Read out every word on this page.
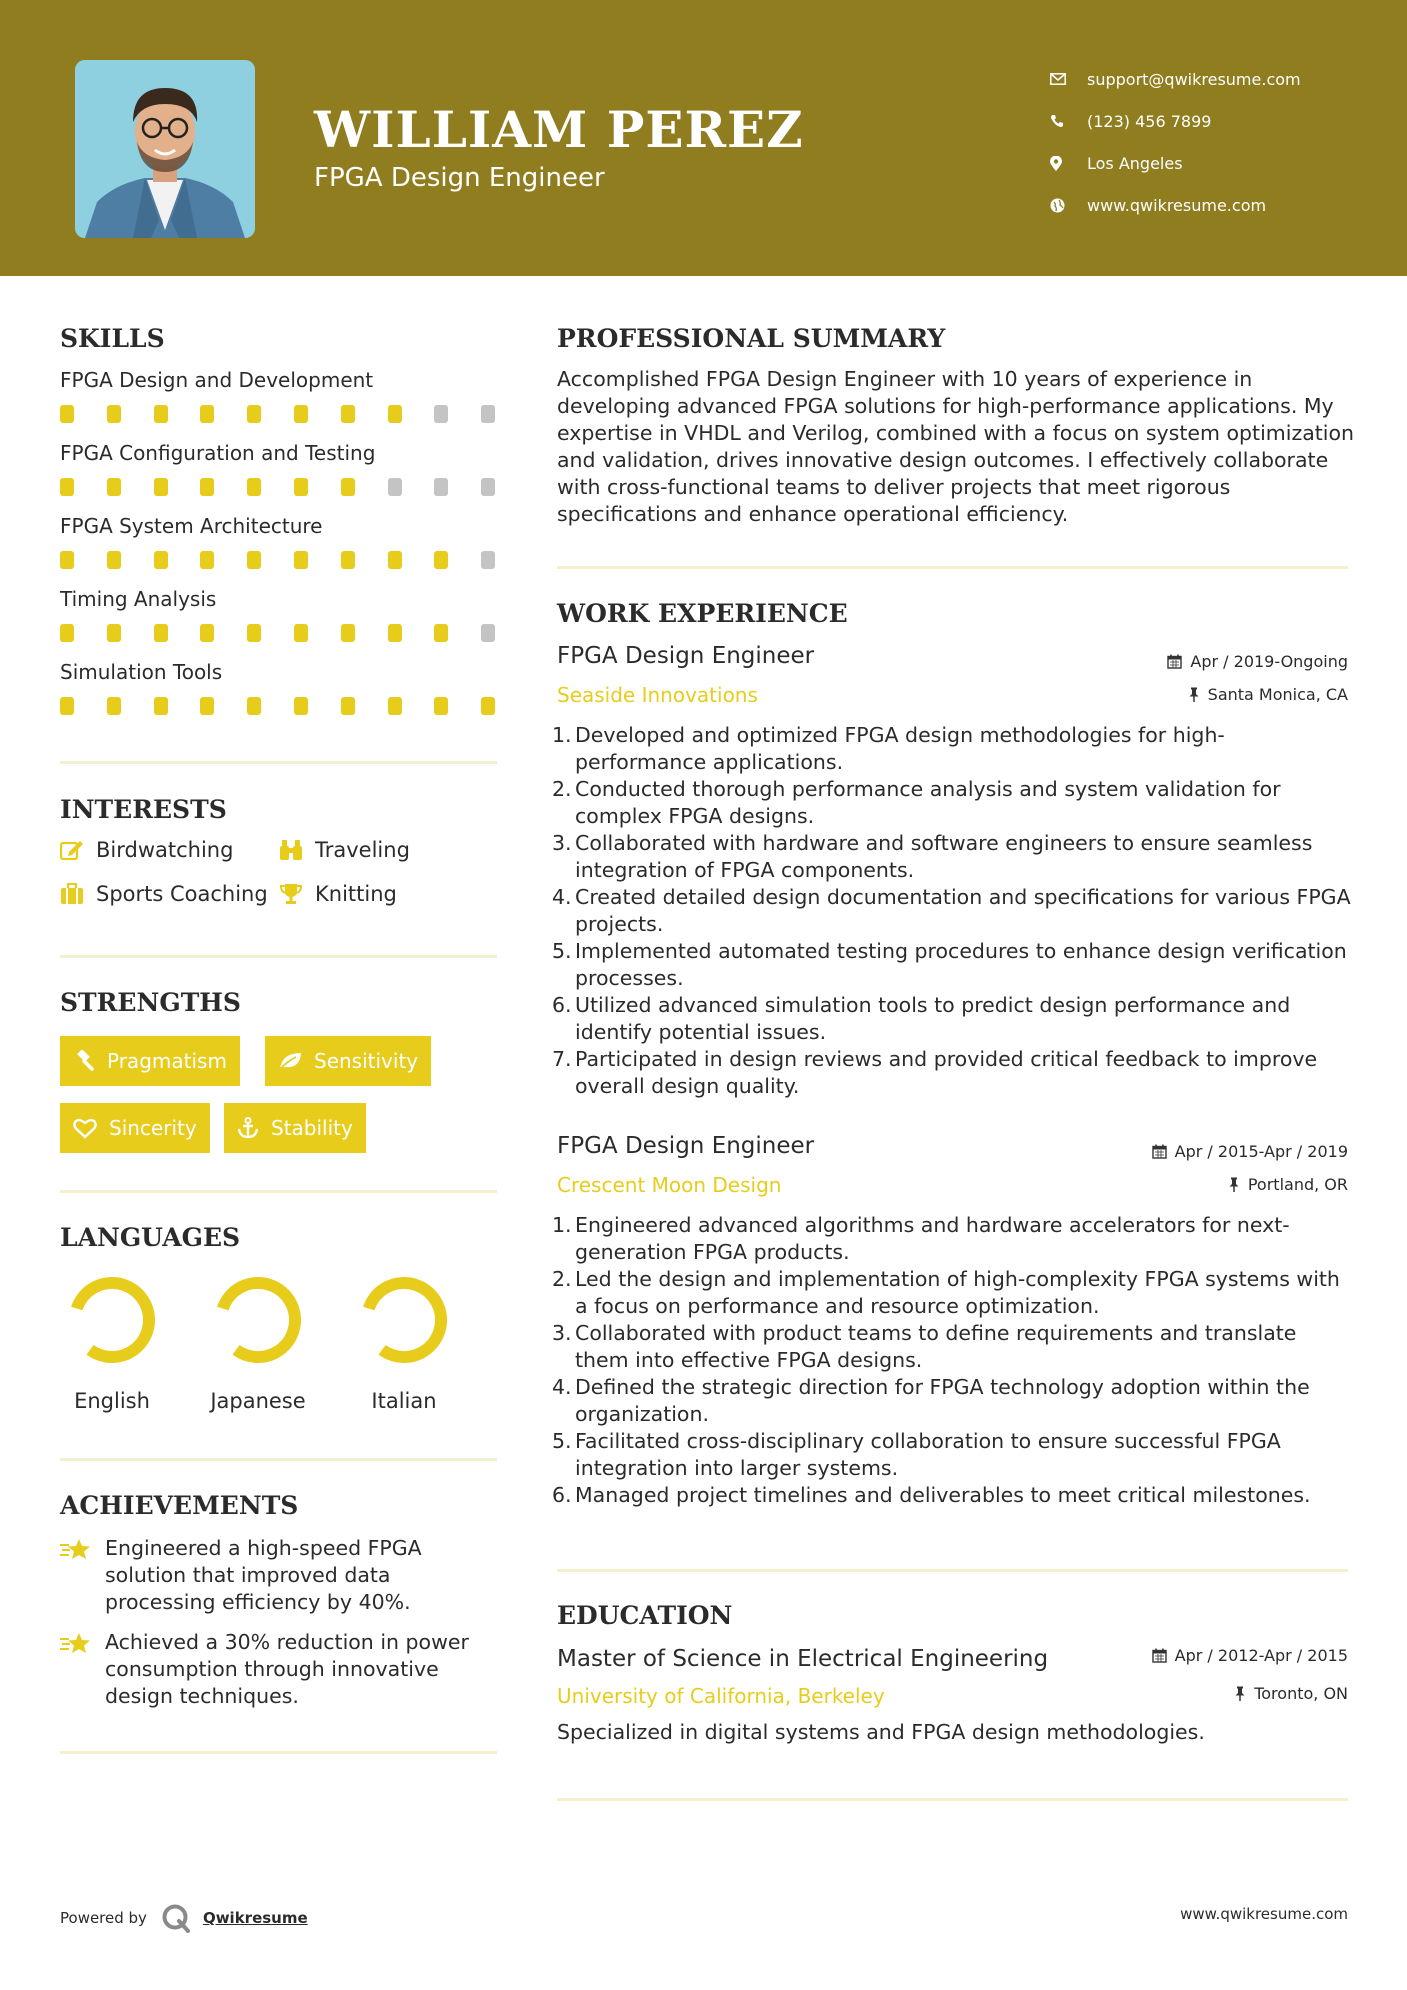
WILLIAM PEREZ
FPGA Design Engineer
support@qwikresume.com
(123) 456 7899
Los Angeles
www.qwikresume.com
SKILLS
FPGA Design and Development
FPGA Configuration and Testing
FPGA System Architecture
Timing Analysis
Simulation Tools
INTERESTS
Birdwatching	Traveling
Sports Coaching Knitting
STRENGTHS
Pragmatism	Sensitivity
Sincerity	Stability
LANGUAGES
English	Japanese	Italian
ACHIEVEMENTS
Engineered a high-speed FPGA solution that improved data processing efficiency by 40%.
Achieved a 30% reduction in power consumption through innovative design techniques.
PROFESSIONAL SUMMARY
Accomplished FPGA Design Engineer with 10 years of experience in developing advanced FPGA solutions for high-performance applications. My expertise in VHDL and Verilog, combined with a focus on system optimization and validation, drives innovative design outcomes. I effectively collaborate with cross-functional teams to deliver projects that meet rigorous specifications and enhance operational efficiency.
WORK EXPERIENCE
FPGA Design Engineer	Apr / 2019-Ongoing
Seaside Innovations	Santa Monica, CA
1. Developed and optimized FPGA design methodologies for high-performance applications.
2. Conducted thorough performance analysis and system validation for complex FPGA designs.
3. Collaborated with hardware and software engineers to ensure seamless integration of FPGA components.
4. Created detailed design documentation and specifications for various FPGA projects.
5. Implemented automated testing procedures to enhance design verification processes.
6. Utilized advanced simulation tools to predict design performance and identify potential issues.
7. Participated in design reviews and provided critical feedback to improve overall design quality.
FPGA Design Engineer	Apr / 2015-Apr / 2019
Crescent Moon Design	Portland, OR
1. Engineered advanced algorithms and hardware accelerators for next-generation FPGA products.
2. Led the design and implementation of high-complexity FPGA systems with a focus on performance and resource optimization.
3. Collaborated with product teams to define requirements and translate them into effective FPGA designs.
4. Defined the strategic direction for FPGA technology adoption within the organization.
5. Facilitated cross-disciplinary collaboration to ensure successful FPGA integration into larger systems.
6. Managed project timelines and deliverables to meet critical milestones.
EDUCATION
Master of Science in Electrical Engineering	Apr / 2012-Apr / 2015
University of California, Berkeley	Toronto, ON
Specialized in digital systems and FPGA design methodologies.
Powered by	Qwikresume	www.qwikresume.com
